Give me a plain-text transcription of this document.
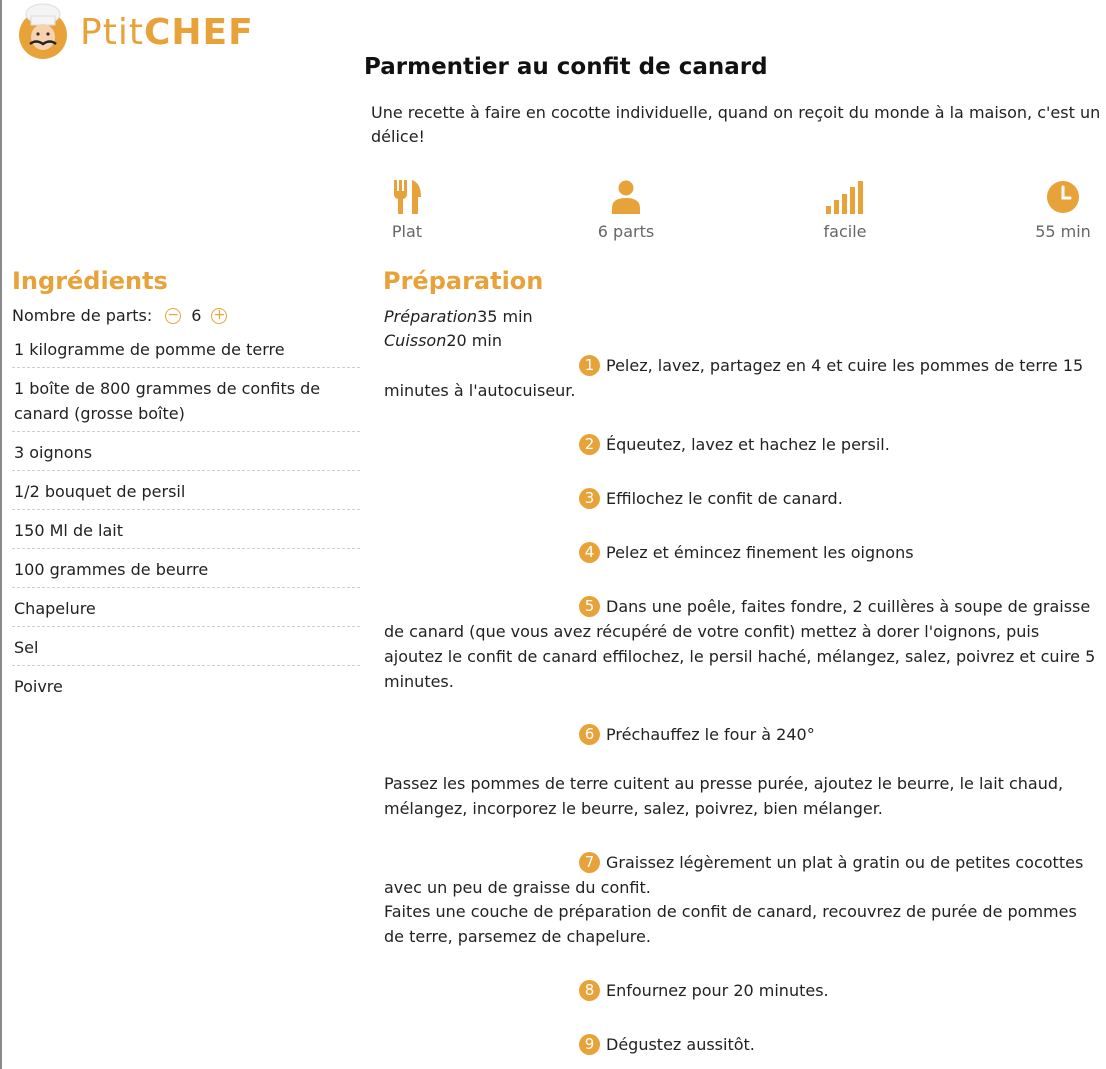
PtitCHEF
Parmentier au confit de canard
Une recette à faire en cocotte individuelle, quand on reçoit du monde à la maison, c'est un délice!
Plat	6 parts	facile	55 min
Ingrédients	Préparation
Nombre de parts: − 6 +
1 kilogramme de pomme de terre
1 boîte de 800 grammes de confits de canard (grosse boîte)
3 oignons
1/2 bouquet de persil
150 Ml de lait
100 grammes de beurre
Chapelure
Sel
Poivre
Préparation35 min
Cuisson20 min
1 Pelez, lavez, partagez en 4 et cuire les pommes de terre 15 minutes à l'autocuiseur.
2 Équeutez, lavez et hachez le persil.
3 Effilochez le confit de canard.
4 Pelez et émincez finement les oignons
5 Dans une poêle, faites fondre, 2 cuillères à soupe de graisse de canard (que vous avez récupéré de votre confit) mettez à dorer l'oignons, puis ajoutez le confit de canard effilochez, le persil haché, mélangez, salez, poivrez et cuire 5 minutes.
6 Préchauffez le four à 240°
Passez les pommes de terre cuitent au presse purée, ajoutez le beurre, le lait chaud, mélangez, incorporez le beurre, salez, poivrez, bien mélanger.
7 Graissez légèrement un plat à gratin ou de petites cocottes avec un peu de graisse du confit.
Faites une couche de préparation de confit de canard, recouvrez de purée de pommes de terre, parsemez de chapelure.
8 Enfournez pour 20 minutes.
9 Dégustez aussitôt.
